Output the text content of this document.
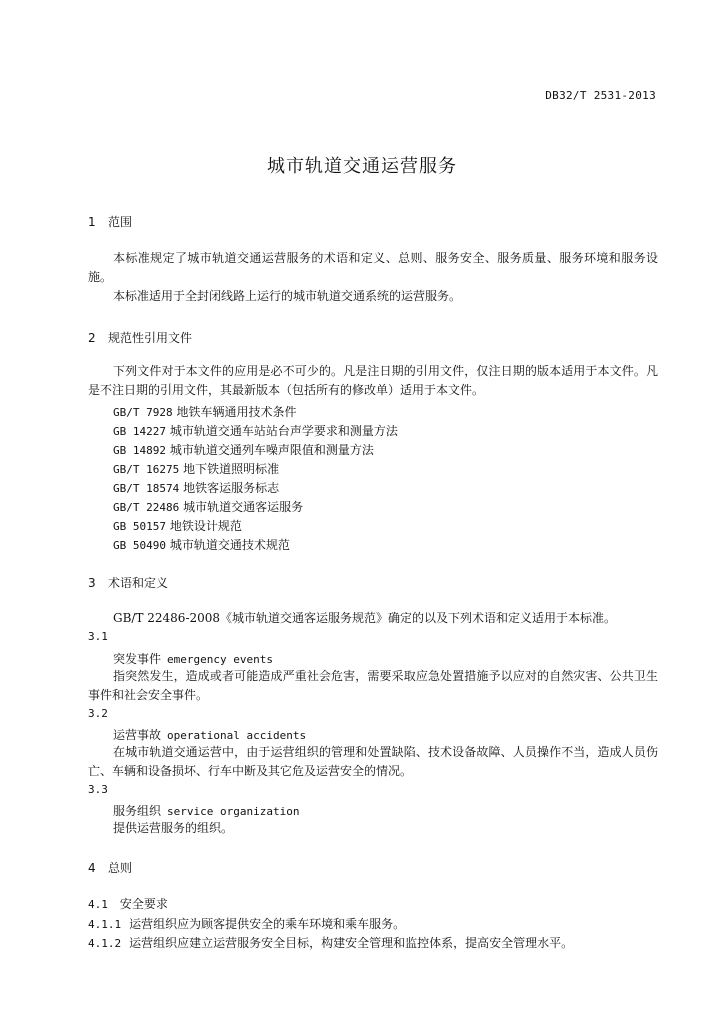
DB32/T 2531-2013
城市轨道交通运营服务
1 范围
本标准规定了城市轨道交通运营服务的术语和定义、总则、服务安全、服务质量、服务环境和服务设施。
本标准适用于全封闭线路上运行的城市轨道交通系统的运营服务。
2 规范性引用文件
下列文件对于本文件的应用是必不可少的。凡是注日期的引用文件，仅注日期的版本适用于本文件。凡是不注日期的引用文件，其最新版本（包括所有的修改单）适用于本文件。
GB/T 7928 地铁车辆通用技术条件
GB 14227 城市轨道交通车站站台声学要求和测量方法
GB 14892 城市轨道交通列车噪声限值和测量方法
GB/T 16275 地下铁道照明标准
GB/T 18574 地铁客运服务标志
GB/T 22486 城市轨道交通客运服务
GB 50157 地铁设计规范
GB 50490 城市轨道交通技术规范
3 术语和定义
GB/T 22486-2008《城市轨道交通客运服务规范》确定的以及下列术语和定义适用于本标准。
3.1
突发事件 emergency events
指突然发生，造成或者可能造成严重社会危害，需要采取应急处置措施予以应对的自然灾害、公共卫生事件和社会安全事件。
3.2
运营事故 operational accidents
在城市轨道交通运营中，由于运营组织的管理和处置缺陷、技术设备故障、人员操作不当，造成人员伤亡、车辆和设备损坏、行车中断及其它危及运营安全的情况。
3.3
服务组织 service organization
提供运营服务的组织。
4 总则
4.1 安全要求
4.1.1 运营组织应为顾客提供安全的乘车环境和乘车服务。
4.1.2 运营组织应建立运营服务安全目标，构建安全管理和监控体系，提高安全管理水平。
